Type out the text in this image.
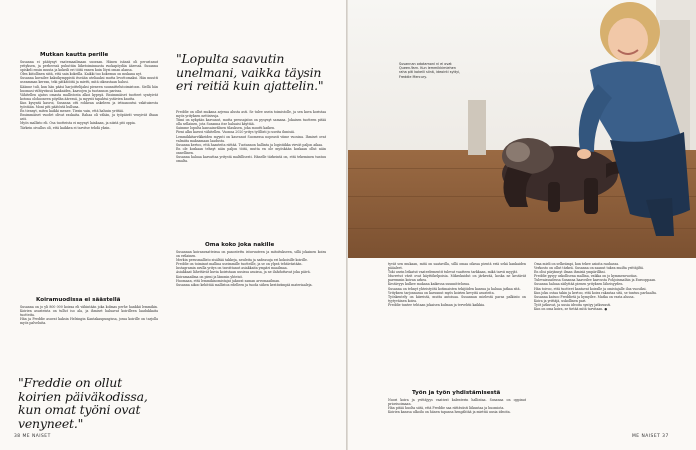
Mutkan kautta perille
Susanna ei päätynyt vaatemaailmaan suoraan. Hänen isänsä oli perustanut yrityksen, ja perheessä puhuttiin liiketoiminnasta ruokapöydän ääressä. Susanna opiskeli ensin muuta ja kokeili eri töitä ennen kuin löysi oman alansa.
Olen kiitollinen siitä, että sain kokeilla. Kaikki tuo kokemus on mukana nyt.
Susanna kuvailee kaksikymppistä itseään uteliaaksi mutta levottomaksi. Hän muutti useamman kerran, teki pätkätöitä ja mietti, mitä oikeastaan halusi.
Käänne tuli, kun hän pääsi harjoittelijaksi pieneen suunnittelutoimistoon. Siellä hän huomasi viihtyvänsä kankaiden, kaavojen ja tuotannon parissa.
Vähitellen ajatus omasta mallistosta alkoi kypsyä. Ensimmäiset tuotteet syntyivät kotona olohuoneen pöydän ääressä, ja myynti tapahtui ystävien kautta.
Kun kysyntä kasvoi, Susanna otti rohkean askeleen ja irtisanoutui vakituisesta työstään. Moni piti päätöstä hulluna.
En tiennyt, miten kaikki menee. Tiesin vain, että halusin yrittää.
Ensimmäiset vuodet olivat raskaita. Rahaa oli vähän, ja työpäivät venyivät iltaan asti.
Myös mallisto eli. Osa tuotteista ei myynyt lainkaan, ja niistä piti oppia.
Tärkein oivallus oli, että kaikkea ei tarvitse tehdä yksin.
Koiramuodissa ei säästellä
Susanna on jo yli 800 000 koiraa eli vähintään joka kolmas perhe hankkii lemmikin. Koirien asusteista on tullut iso ala, ja ihmiset haluavat koirilleen laadukkaita tuotteita.
Hän ja Freddie asuvat kaksin Helsingin Kantakaupungissa, jossa koirille on tarjolla myös palveluita.
"Freddie on ollut koirien päiväkodissa, kun omat työni ovat venyneet."
"Lopulta saavutin unelmani, vaikka täysin eri reitiä kuin ajattelin."
Freddie on ollut mukana arjessa alusta asti. Se tulee usein toimistolle, ja sen kuva koristaa myös yrityksen nettisivuja.
Tiimi on nykyään kasvanut, mutta perusajatus on pysynyt samana. Jokaisen tuotteen pitää olla sellainen, jota Susanna itse haluaisi käyttää.
Saimme lopulta kansainvälisen tilauksen, joka muutti kaiken.
Pieni alku kasvoi vähitellen. Vuonna 2020 yritys työllisti jo useita ihmisiä.
Lemmikkitarvikkeiden myynti on kasvanut Suomessa nopeasti viime vuosina. Ihmiset ovat valmiita maksamaan laadusta.
Susanna kertoo, että haasteita riittää. Tuotannon hallinta ja logistiikka vievät paljon aikaa.
En ole koskaan tehnyt näin paljon töitä, mutta en ole myöskään koskaan ollut näin onnellinen.
Susanna haluaa kasvattaa yritystä maltillisesti. Hänelle tärkeintä on, että tekeminen tuntuu omalta.
Oma koko joka nakille
Susannan koiranvaatteissa on panostettu istuvuuteen ja mitoitukseen, sillä jokainen koira on erilainen.
Merkin perusmallisto sisältää takkeja, neuleita ja sadeasuja eri kokoisille koirille.
Freddie on toiminut mallina useimmille tuotteille, ja se on ylpeä tehtävästään.
Instagramin avulla yritys on tavoittanut asiakkaita ympäri maailmaa.
Asiakkaat lähettävät kuvia koiristaan uusissa asuissa, ja ne ilahduttavat joka päivä.
Koiramaailma on pieni ja lämmin yhteisö.
Huomaan, että lemmikinomistajat jakavat saman arvomaailman.
Susanna aikoo kehittää mallistoa edelleen ja tuoda siihen kestävämpiä materiaaleja.
38 ME NAISET
Susannan odotamoni ni ei ovat Queen-Yarn. Kun lemmikkimiehen raha piti kokeili siinä, ideointi syttyi, Freddie Mercury.
tyvät sen mukaan, mitä on saatavilla, sillä omaa oikeaa pientä eriä sekä kankaiden pääaleet.
Toki usein leikatut vaateelementit tulevat vaatteen tarkkaan, mikä tarvii myyjät.
Murretut värit ovat käyttökelpoisia. Mikrokuidut on järkevää, koska ne kestävät paremmin koiran arkea.
Kestävyys kulkee mukana kaikessa suunnittelussa.
Susanna on tehnyt yhteistyötä kotimaisten tekijöiden kanssa ja haluaa jatkaa sitä.
Yrityksen tarjonnassa on kasvanut myös koirien kevyitä asusteita.
Työskentely on kiireistä, mutta antoisaa. Susannan mielestä paras palkinto on tyytyväinen koira.
Freddie tuntee tehtaan jokaisen kulman ja tervehtii kaikkia.
Työn ja työn yhdistämisestä
Nuori koira ja yrittäjyys vaativat kalenterin hallintaa. Susanna on oppinut priorisoimaan.
Hän pitää huolta siitä, että Freddie saa riittävästi liikuntaa ja huomiota.
Koirien kanssa ulkoilu on hänen tapansa hengähtää ja miettiä uusia ideoita.
Oma mieli on selkeämpi, kun tekee asioita rauhassa.
Verkosto on ollut tärkeä. Susanna on saanut tukea muilta yrittäjiltä.
En olisi pärjännyt ilman ihmisiä ympärilläni.
Freddie pysyy uskollisena mallina, vaikka on jo kymmenvuotias.
Tulevaisuudessa Susanna haaveilee kasvusta Pohjoismaihin ja Eurooppaan.
Susanna haluaa säilyttää pienen yrityksen läheisyyden.
Hän toivoo, että tuotteet kantavat koiralle ja omistajalle iloa vuosiksi.
Kun joku ostaa takin ja kertoo, että koira rakastaa sitä, se tuntuu parhaalta.
Susanna katsoo Freddietä ja hymyilee. Matka on vasta alussa.
Koira ja yrittäjä, uskollinen pari.
Työt jatkuvat, ja uusia ideoita syntyy jatkuvasti.
Kun on oma koira, se tietää mitä tarvitaan. ●
ME NAISET 37
